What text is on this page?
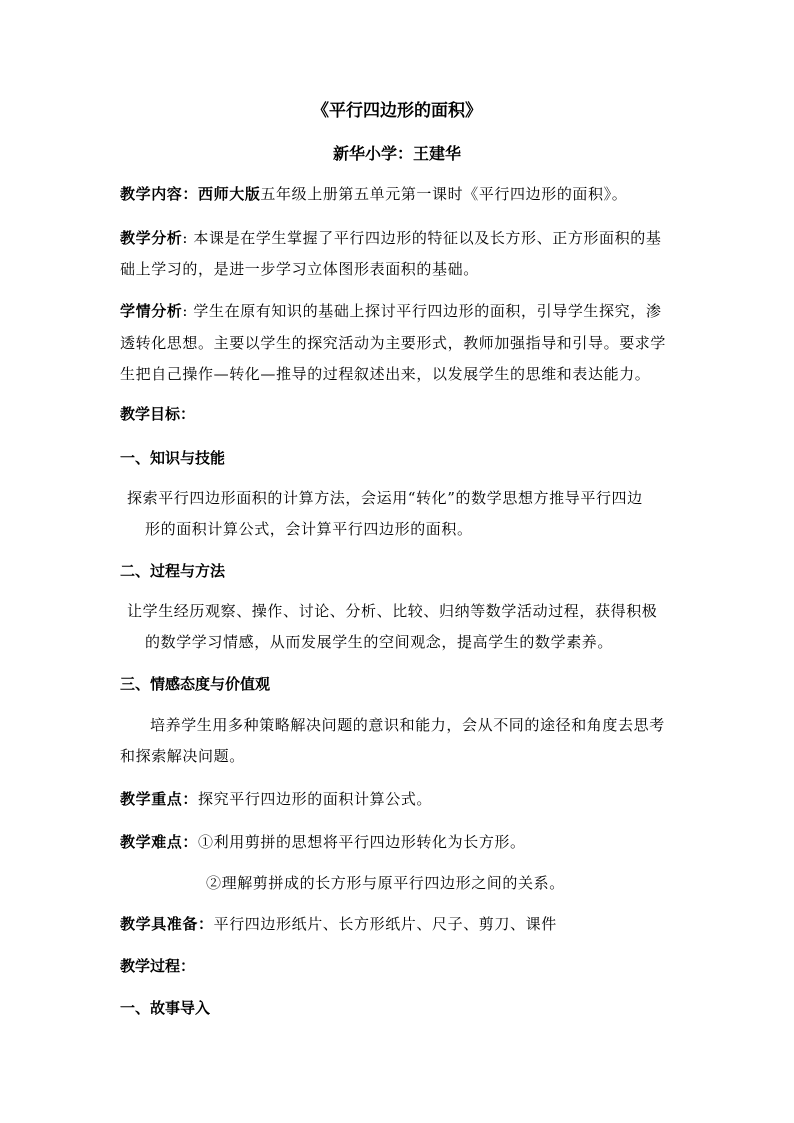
《平行四边形的面积》
新华小学：王建华
教学内容：西师大版五年级上册第五单元第一课时《平行四边形的面积》。
教学分析: 本课是在学生掌握了平行四边形的特征以及长方形、正方形面积的基
础上学习的，是进一步学习立体图形表面积的基础。
学情分析: 学生在原有知识的基础上探讨平行四边形的面积，引导学生探究，渗
透转化思想。主要以学生的探究活动为主要形式，教师加强指导和引导。要求学
生把自己操作—转化—推导的过程叙述出来，以发展学生的思维和表达能力。
教学目标：
一、知识与技能
探索平行四边形面积的计算方法，会运用“转化”的数学思想方推导平行四边
形的面积计算公式，会计算平行四边形的面积。
二、过程与方法
让学生经历观察、操作、讨论、分析、比较、归纳等数学活动过程，获得积极
的数学学习情感，从而发展学生的空间观念，提高学生的数学素养。
三、情感态度与价值观
培养学生用多种策略解决问题的意识和能力，会从不同的途径和角度去思考
和探索解决问题。
教学重点：探究平行四边形的面积计算公式。
教学难点：①利用剪拼的思想将平行四边形转化为长方形。
②理解剪拼成的长方形与原平行四边形之间的关系。
教学具准备：平行四边形纸片、长方形纸片、尺子、剪刀、课件
教学过程：
一、故事导入
